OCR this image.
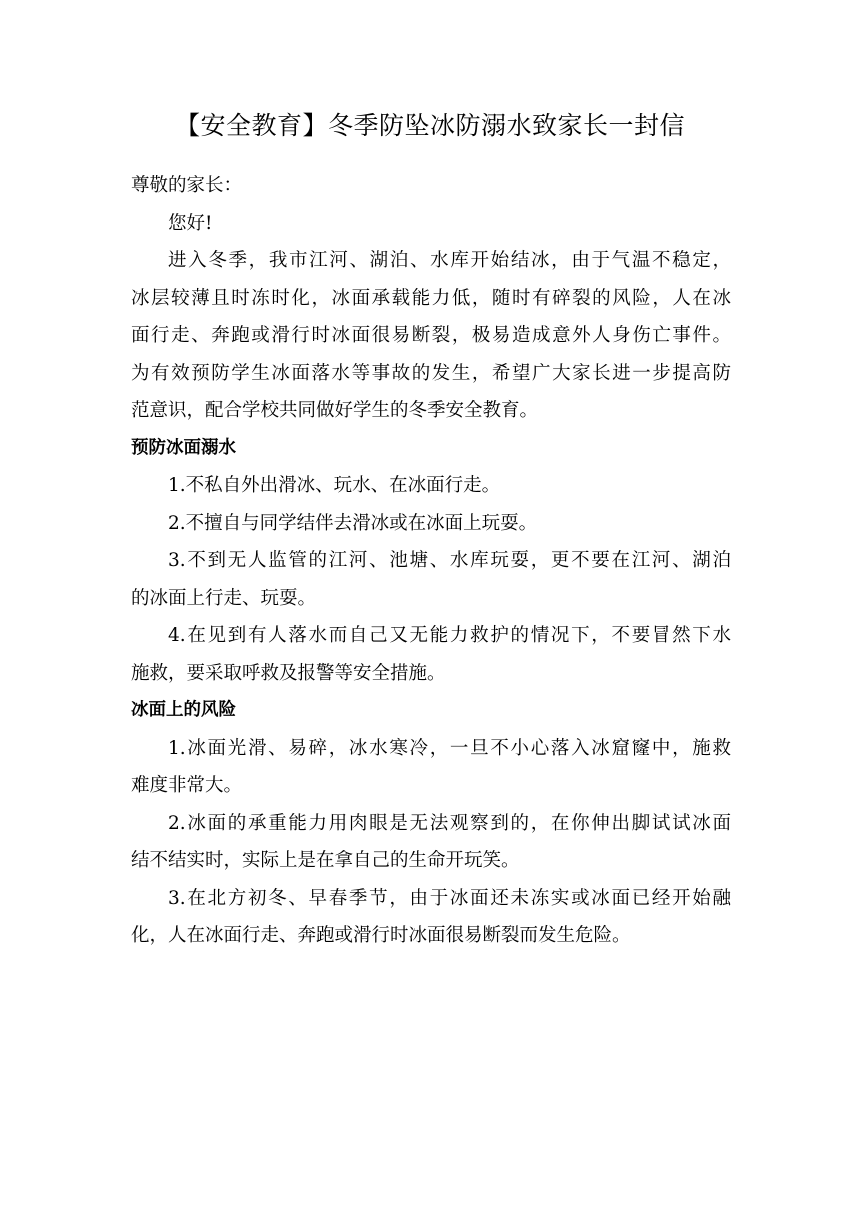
【安全教育】冬季防坠冰防溺水致家长一封信

尊敬的家长：

您好!

进入冬季，我市江河、湖泊、水库开始结冰，由于气温不稳定，
冰层较薄且时冻时化，冰面承载能力低，随时有碎裂的风险，人在冰
面行走、奔跑或滑行时冰面很易断裂，极易造成意外人身伤亡事件。
为有效预防学生冰面落水等事故的发生，希望广大家长进一步提高防
范意识，配合学校共同做好学生的冬季安全教育。

预防冰面溺水

1.不私自外出滑冰、玩水、在冰面行走。
2.不擅自与同学结伴去滑冰或在冰面上玩耍。
3.不到无人监管的江河、池塘、水库玩耍，更不要在江河、湖泊
的冰面上行走、玩耍。
4.在见到有人落水而自己又无能力救护的情况下，不要冒然下水
施救，要采取呼救及报警等安全措施。

冰面上的风险

1.冰面光滑、易碎，冰水寒冷，一旦不小心落入冰窟窿中，施救
难度非常大。
2.冰面的承重能力用肉眼是无法观察到的，在你伸出脚试试冰面
结不结实时，实际上是在拿自己的生命开玩笑。
3.在北方初冬、早春季节，由于冰面还未冻实或冰面已经开始融
化，人在冰面行走、奔跑或滑行时冰面很易断裂而发生危险。
